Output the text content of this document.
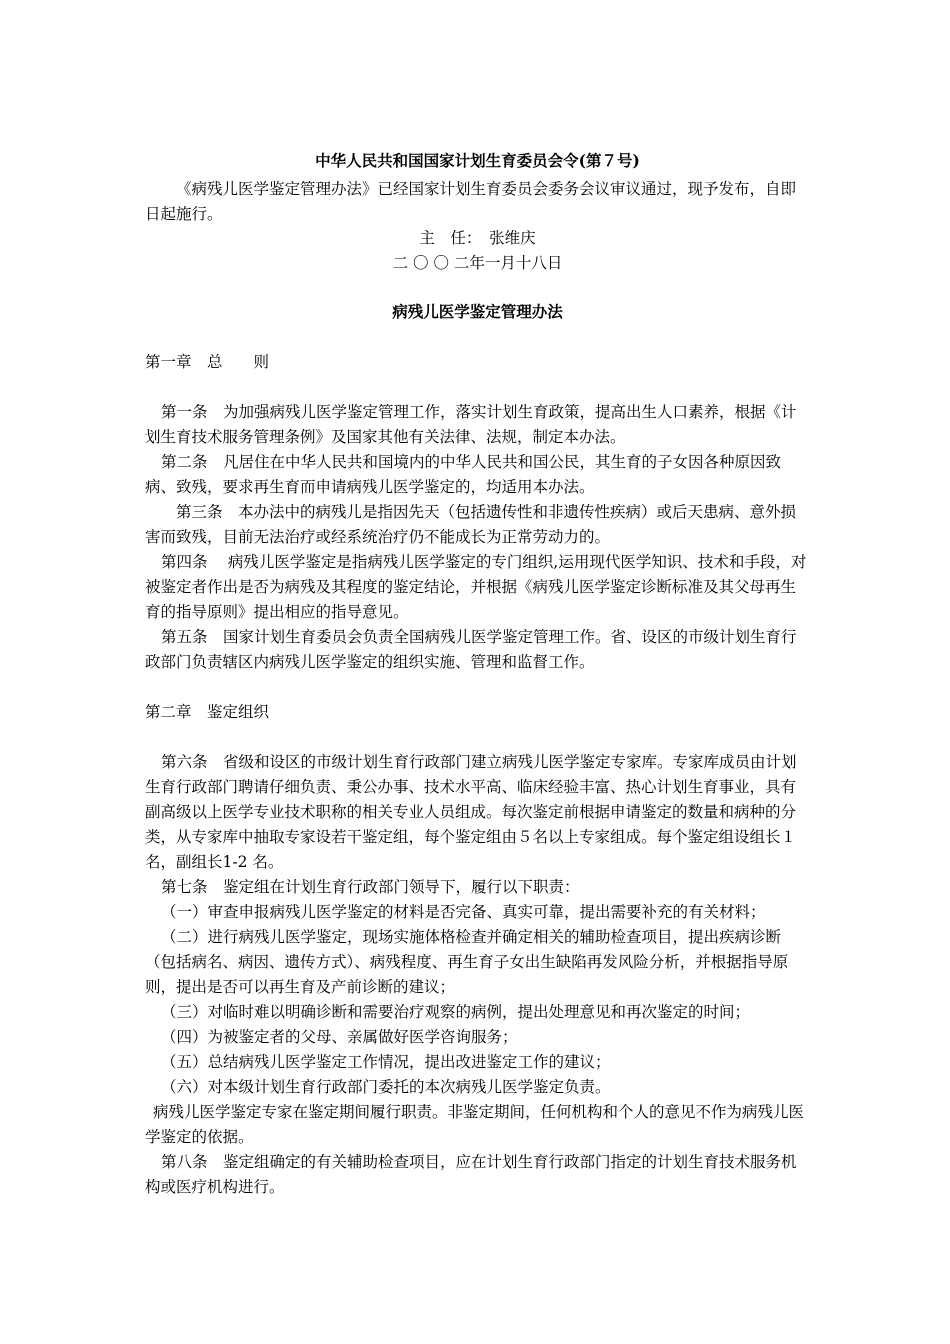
中华人民共和国国家计划生育委员会令(第７号)
《病残儿医学鉴定管理办法》已经国家计划生育委员会委务会议审议通过，现予发布，自即日起施行。
主　任：　张维庆
二 〇 〇 二年一月十八日
病残儿医学鉴定管理办法
第一章　总　　则
第一条　为加强病残儿医学鉴定管理工作，落实计划生育政策，提高出生人口素养，根据《计划生育技术服务管理条例》及国家其他有关法律、法规，制定本办法。
第二条　凡居住在中华人民共和国境内的中华人民共和国公民，其生育的子女因各种原因致病、致残，要求再生育而申请病残儿医学鉴定的，均适用本办法。
第三条　本办法中的病残儿是指因先天（包括遗传性和非遗传性疾病）或后天患病、意外损害而致残，目前无法治疗或经系统治疗仍不能成长为正常劳动力的。
第四条　 病残儿医学鉴定是指病残儿医学鉴定的专门组织,运用现代医学知识、技术和手段，对被鉴定者作出是否为病残及其程度的鉴定结论，并根据《病残儿医学鉴定诊断标准及其父母再生育的指导原则》提出相应的指导意见。
第五条　国家计划生育委员会负责全国病残儿医学鉴定管理工作。省、设区的市级计划生育行政部门负责辖区内病残儿医学鉴定的组织实施、管理和监督工作。
第二章　鉴定组织
第六条　省级和设区的市级计划生育行政部门建立病残儿医学鉴定专家库。专家库成员由计划生育行政部门聘请仔细负责、秉公办事、技术水平高、临床经验丰富、热心计划生育事业，具有副高级以上医学专业技术职称的相关专业人员组成。每次鉴定前根据申请鉴定的数量和病种的分类，从专家库中抽取专家设若干鉴定组，每个鉴定组由５名以上专家组成。每个鉴定组设组长１名，副组长1-2 名。
第七条　鉴定组在计划生育行政部门领导下，履行以下职责：
（一）审查申报病残儿医学鉴定的材料是否完备、真实可靠，提出需要补充的有关材料；
（二）进行病残儿医学鉴定，现场实施体格检查并确定相关的辅助检查项目，提出疾病诊断（包括病名、病因、遗传方式）、病残程度、再生育子女出生缺陷再发风险分析，并根据指导原则，提出是否可以再生育及产前诊断的建议；
（三）对临时难以明确诊断和需要治疗观察的病例，提出处理意见和再次鉴定的时间；
（四）为被鉴定者的父母、亲属做好医学咨询服务；
（五）总结病残儿医学鉴定工作情况，提出改进鉴定工作的建议；
（六）对本级计划生育行政部门委托的本次病残儿医学鉴定负责。
病残儿医学鉴定专家在鉴定期间履行职责。非鉴定期间，任何机构和个人的意见不作为病残儿医学鉴定的依据。
第八条　鉴定组确定的有关辅助检查项目，应在计划生育行政部门指定的计划生育技术服务机构或医疗机构进行。
